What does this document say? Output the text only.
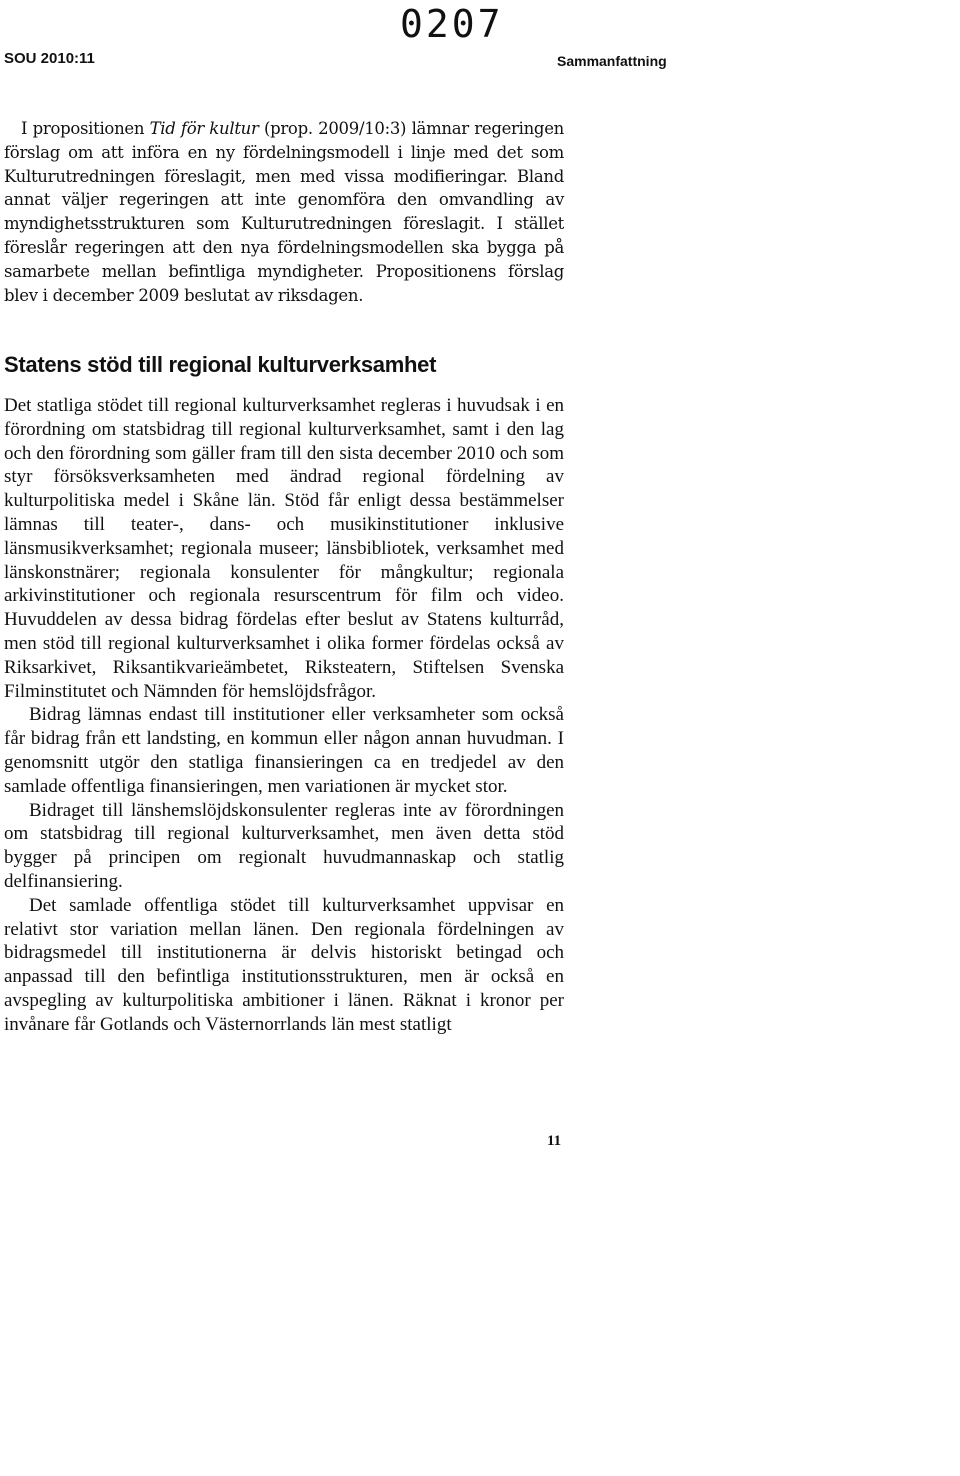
0207
SOU 2010:11	Sammanfattning

I propositionen Tid för kultur (prop. 2009/10:3) lämnar regeringen förslag om att införa en ny fördelningsmodell i linje med det som Kulturutredningen föreslagit, men med vissa modifieringar. Bland annat väljer regeringen att inte genomföra den omvandling av myndighetsstrukturen som Kulturutredningen föreslagit. I stället föreslår regeringen att den nya fördelningsmodellen ska bygga på samarbete mellan befintliga myndigheter. Propositionens förslag blev i december 2009 beslutat av riksdagen.

Statens stöd till regional kulturverksamhet

Det statliga stödet till regional kulturverksamhet regleras i huvudsak i en förordning om statsbidrag till regional kulturverksamhet, samt i den lag och den förordning som gäller fram till den sista december 2010 och som styr försöksverksamheten med ändrad regional fördelning av kulturpolitiska medel i Skåne län. Stöd får enligt dessa bestämmelser lämnas till teater-, dans- och musikinstitutioner inklusive länsmusikverksamhet; regionala museer; länsbibliotek, verksamhet med länskonstnärer; regionala konsulenter för mångkultur; regionala arkivinstitutioner och regionala resurscentrum för film och video. Huvuddelen av dessa bidrag fördelas efter beslut av Statens kulturråd, men stöd till regional kulturverksamhet i olika former fördelas också av Riksarkivet, Riksantikvarieämbetet, Riksteatern, Stiftelsen Svenska Filminstitutet och Nämnden för hemslöjdsfrågor.

Bidrag lämnas endast till institutioner eller verksamheter som också får bidrag från ett landsting, en kommun eller någon annan huvudman. I genomsnitt utgör den statliga finansieringen ca en tredjedel av den samlade offentliga finansieringen, men variationen är mycket stor.

Bidraget till länshemslöjdskonsulenter regleras inte av förordningen om statsbidrag till regional kulturverksamhet, men även detta stöd bygger på principen om regionalt huvudmannaskap och statlig delfinansiering.

Det samlade offentliga stödet till kulturverksamhet uppvisar en relativt stor variation mellan länen. Den regionala fördelningen av bidragsmedel till institutionerna är delvis historiskt betingad och anpassad till den befintliga institutionsstrukturen, men är också en avspegling av kulturpolitiska ambitioner i länen. Räknat i kronor per invånare får Gotlands och Västernorrlands län mest statligt

11
